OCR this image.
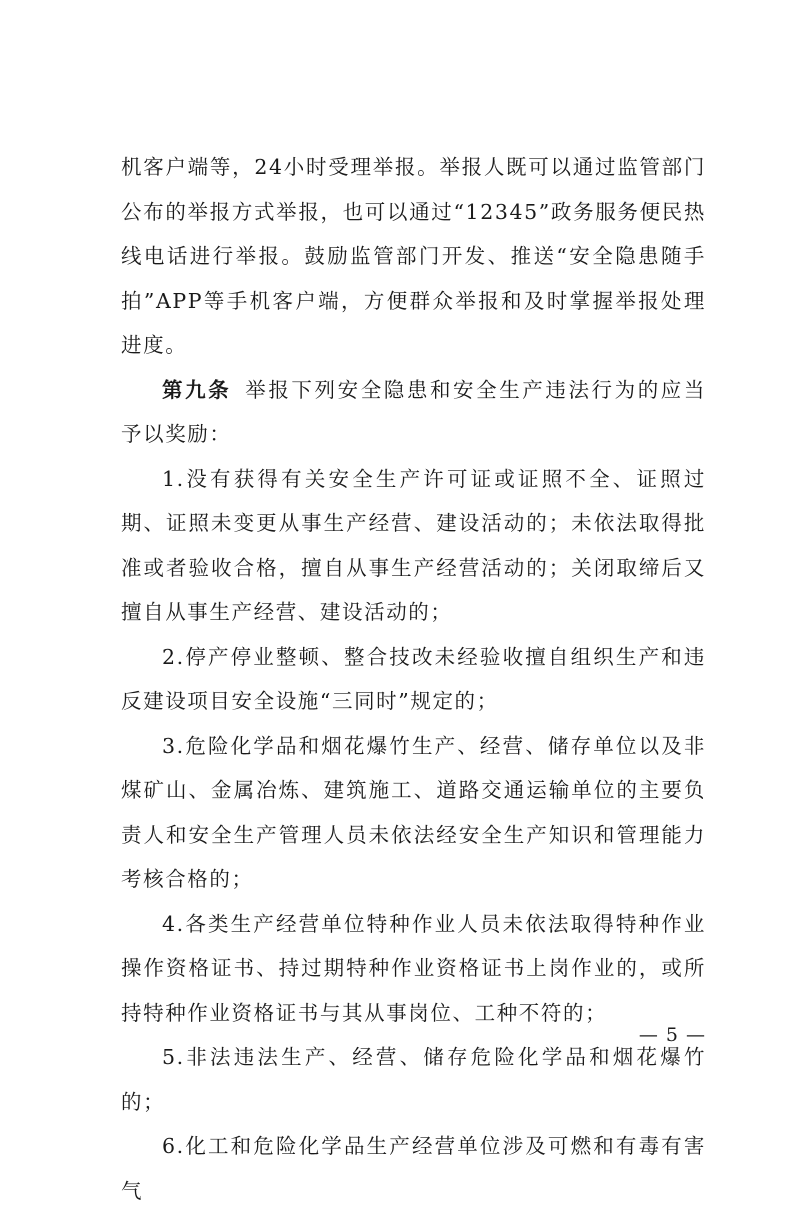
机客户端等，24小时受理举报。举报人既可以通过监管部门公布的举报方式举报，也可以通过“12345”政务服务便民热线电话进行举报。鼓励监管部门开发、推送“安全隐患随手拍”APP等手机客户端，方便群众举报和及时掌握举报处理进度。

第九条 举报下列安全隐患和安全生产违法行为的应当予以奖励：

1.没有获得有关安全生产许可证或证照不全、证照过期、证照未变更从事生产经营、建设活动的；未依法取得批准或者验收合格，擅自从事生产经营活动的；关闭取缔后又擅自从事生产经营、建设活动的；

2.停产停业整顿、整合技改未经验收擅自组织生产和违反建设项目安全设施“三同时”规定的；

3.危险化学品和烟花爆竹生产、经营、储存单位以及非煤矿山、金属冶炼、建筑施工、道路交通运输单位的主要负责人和安全生产管理人员未依法经安全生产知识和管理能力考核合格的；

4.各类生产经营单位特种作业人员未依法取得特种作业操作资格证书、持过期特种作业资格证书上岗作业的，或所持特种作业资格证书与其从事岗位、工种不符的；

5.非法违法生产、经营、储存危险化学品和烟花爆竹的；

6.化工和危险化学品生产经营单位涉及可燃和有毒有害气

— 5 —
